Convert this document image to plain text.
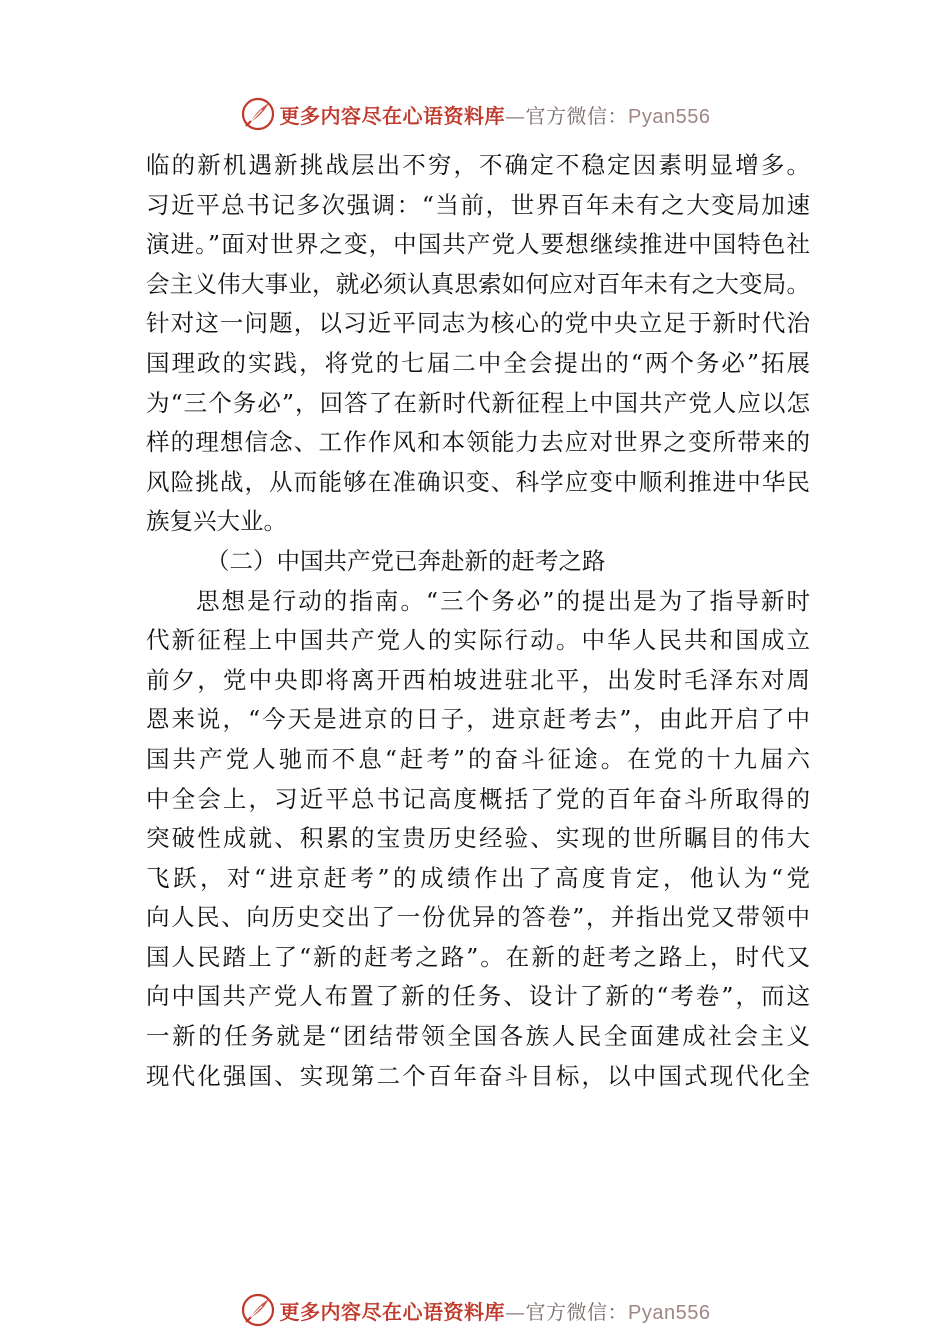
更多内容尽在心语资料库—官方微信：Pyan556
临的新机遇新挑战层出不穷，不确定不稳定因素明显增多。
习近平总书记多次强调：“当前，世界百年未有之大变局加速
演进。”面对世界之变，中国共产党人要想继续推进中国特色社
会主义伟大事业，就必须认真思索如何应对百年未有之大变局。
针对这一问题，以习近平同志为核心的党中央立足于新时代治
国理政的实践，将党的七届二中全会提出的“两个务必”拓展
为“三个务必”，回答了在新时代新征程上中国共产党人应以怎
样的理想信念、工作作风和本领能力去应对世界之变所带来的
风险挑战，从而能够在准确识变、科学应变中顺利推进中华民
族复兴大业。
（二）中国共产党已奔赴新的赶考之路
思想是行动的指南。“三个务必”的提出是为了指导新时
代新征程上中国共产党人的实际行动。中华人民共和国成立
前夕，党中央即将离开西柏坡进驻北平，出发时毛泽东对周
恩来说，“今天是进京的日子，进京赶考去”，由此开启了中
国共产党人驰而不息“赶考”的奋斗征途。在党的十九届六
中全会上，习近平总书记高度概括了党的百年奋斗所取得的
突破性成就、积累的宝贵历史经验、实现的世所瞩目的伟大
飞跃，对“进京赶考”的成绩作出了高度肯定，他认为“党
向人民、向历史交出了一份优异的答卷”，并指出党又带领中
国人民踏上了“新的赶考之路”。在新的赶考之路上，时代又
向中国共产党人布置了新的任务、设计了新的“考卷”，而这
一新的任务就是“团结带领全国各族人民全面建成社会主义
现代化强国、实现第二个百年奋斗目标，以中国式现代化全
更多内容尽在心语资料库—官方微信：Pyan556
